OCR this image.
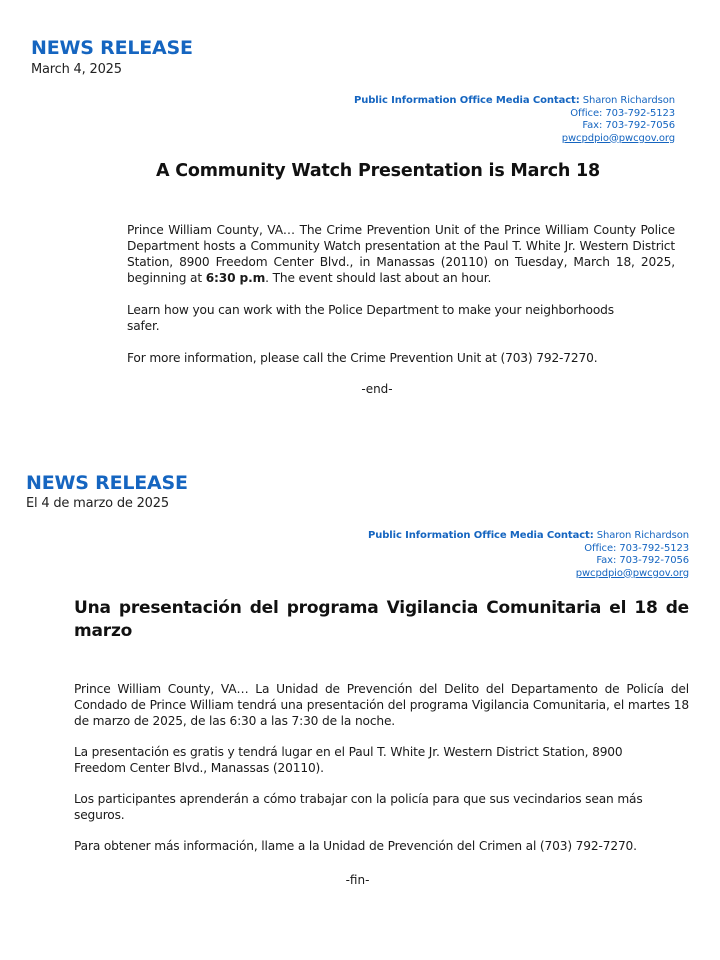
NEWS RELEASE
March 4, 2025
Public Information Office Media Contact: Sharon Richardson
Office: 703-792-5123
Fax: 703-792-7056
pwcpdpio@pwcgov.org
A Community Watch Presentation is March 18

Prince William County, VA… The Crime Prevention Unit of the Prince William County Police Department hosts a Community Watch presentation at the Paul T. White Jr. Western District Station, 8900 Freedom Center Blvd., in Manassas (20110) on Tuesday, March 18, 2025, beginning at 6:30 p.m. The event should last about an hour.

Learn how you can work with the Police Department to make your neighborhoods safer.

For more information, please call the Crime Prevention Unit at (703) 792-7270.

-end-
NEWS RELEASE
El 4 de marzo de 2025
Public Information Office Media Contact: Sharon Richardson
Office: 703-792-5123
Fax: 703-792-7056
pwcpdpio@pwcgov.org
Una presentación del programa Vigilancia Comunitaria el 18 de marzo

Prince William County, VA… La Unidad de Prevención del Delito del Departamento de Policía del Condado de Prince William tendrá una presentación del programa Vigilancia Comunitaria, el martes 18 de marzo de 2025, de las 6:30 a las 7:30 de la noche.

La presentación es gratis y tendrá lugar en el Paul T. White Jr. Western District Station, 8900 Freedom Center Blvd., Manassas (20110).

Los participantes aprenderán a cómo trabajar con la policía para que sus vecindarios sean más seguros.

Para obtener más información, llame a la Unidad de Prevención del Crimen al (703) 792-7270.

-fin-
